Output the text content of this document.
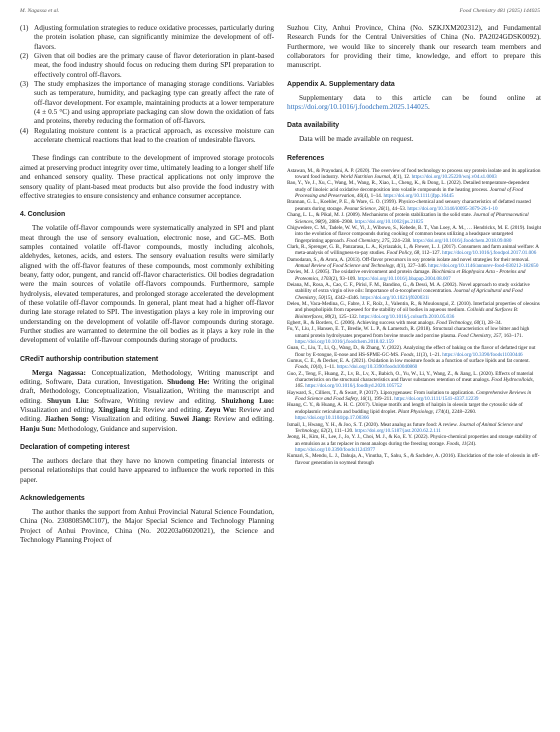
M. Nagassa et al.	Food Chemistry 481 (2025) 144025
(1) Adjusting formulation strategies to reduce oxidative processes, particularly during the protein isolation phase, can significantly minimize the development of off-flavors.
(2) Given that oil bodies are the primary cause of flavor deterioration in plant-based meat, the food industry should focus on reducing them during SPI preparation to effectively control off-flavors.
(3) The study emphasizes the importance of managing storage conditions. Variables such as temperature, humidity, and packaging type can greatly affect the rate of off-flavor development. For example, maintaining products at a lower temperature (4 ± 0.5 °C) and using appropriate packaging can slow down the oxidation of fats and proteins, thereby reducing the formation of off-flavors.
(4) Regulating moisture content is a practical approach, as excessive moisture can accelerate chemical reactions that lead to the creation of undesirable flavors.

These findings can contribute to the development of improved storage protocols aimed at preserving product integrity over time, ultimately leading to a longer shelf life and enhanced sensory quality. These practical applications not only improve the sensory quality of plant-based meat products but also provide the food industry with effective strategies to ensure consistency and enhance consumer acceptance.

4. Conclusion

The volatile off-flavor compounds were systematically analyzed in SPI and plant meat through the use of sensory evaluation, electronic nose, and GC–MS. Both samples contained volatile off-flavor compounds, mostly including alcohols, aldehydes, ketones, acids, and esters. The sensory evaluation results were similarly aligned with the off-flavor features of these compounds, most commonly exhibiting beany, fatty odor, pungent, and rancid off-flavor characteristics. Oil bodies degradation were the main sources of volatile off-flavors compounds. Furthermore, sample hydrolysis, elevated temperatures, and prolonged storage accelerated the development of these volatile off-flavor compounds. In general, plant meat had a higher off-flavor during late storage related to SPI. The investigation plays a key role in improving our understanding on the development of volatile off-flavor compounds during storage. Further studies are warranted to determine the oil bodies as it plays a key role in the development of volatile off-flavour compounds during storage of products.

CRediT authorship contribution statement

Merga Nagassa: Conceptualization, Methodology, Writing manuscript and editing, Software, Data curation, Investigation. Shudong He: Writing the original draft, Methodology, Conceptualization, Visualization, Writing the manuscript and editing. Shuyun Liu: Software, Writing review and editing. Shuizhong Luo: Visualization and editing. Xingjiang Li: Review and editing. Zeyu Wu: Review and editing. Jiazhen Song: Visualization and editing. Suwei Jiang: Review and editing. Hanju Sun: Methodology, Guidance and supervision.

Declaration of competing interest

The authors declare that they have no known competing financial interests or personal relationships that could have appeared to influence the work reported in this paper.

Acknowledgements

The author thanks the support from Anhui Provincial Natural Science Foundation, China (No. 2308085MC107), the Major Special Science and Technology Planning Project of Anhui Province, China (No. 202203a06020021), the Science and Technology Planning Project of

Suzhou City, Anhui Province, China (No. SZKJXM202312), and Fundamental Research Funds for the Central Universities of China (No. PA2024GDSK0092). Furthermore, we would like to sincerely thank our research team members and collaborators for providing their time, knowledge, and effort to prepare this manuscript.

Appendix A. Supplementary data

Supplementary data to this article can be found online at https://doi.org/10.1016/j.foodchem.2025.144025.

Data availability

Data will be made available on request.

References
Astawan, M., & Prayudani, A. P. (2020). The overview of food technology to process soy protein isolate and its application toward food industry. World Nutrition Journal, 4(1), 12. https://doi.org/10.25220/wnj.v04.s1.0003
Bao, Y., Ye, J., Xu, C., Wang, M., Wang, R., Xiao, L., Cheng, K., & Dong, L. (2022). Detailed temperature-dependent study of linoleic acid oxidative decomposition into volatile compounds in the heating process. Journal of Food Processing and Preservation, 46(4), 1–14. https://doi.org/10.1111/jfpp.16445
Brannan, G. L., Koehler, P. E., & Ware, G. O. (1999). Physico-chemical and sensory characteristics of defatted roasted peanuts during storage. Peanut Science, 26(1), 44–53. https://doi.org/10.3146/i0095-3679-26-1-10
Chang, L. L., & Pikal, M. J. (2009). Mechanisms of protein stabilization in the solid state. Journal of Pharmaceutical Sciences, 98(9), 2886–2908. https://doi.org/10.1002/jps.21825
Chigwedere, C. M., Tadele, W. W., Yi, J., Wibowo, S., Kebede, B. T., Van Loey, A. M., … Hendrickx, M. E. (2019). Insight into the evolution of flavor compounds during cooking of common beans utilizing a headspace untargeted fingerprinting approach. Food Chemistry, 275, 224–238. https://doi.org/10.1016/j.foodchem.2018.09.080
Clark, R., Sprenger, G. B., Panzarasa, L. A., Kyriazakis, I., & Frewer, L. J. (2017). Consumers and farm animal welfare: A meta-analysis of willingness-to-pay studies. Food Policy, 68, 112–127. https://doi.org/10.1016/j.foodpol.2017.01.006
Damodaran, S., & Arora, A. (2013). Off-flavor precursors in soy protein isolate and novel strategies for their removal. Annual Review of Food Science and Technology, 4(1), 327–346. https://doi.org/10.1146/annurev-food-030212-182650
Davies, M. J. (2005). The oxidative environment and protein damage. Biochimica et Biophysica Acta - Proteins and Proteomics, 1703(2), 93–109. https://doi.org/10.1016/j.bbapap.2004.08.007
Deiana, M., Rosa, A., Cao, C. F., Pirisi, F. M., Bandino, G., & Dessì, M. A. (2002). Novel approach to study oxidative stability of extra virgin olive oils: Importance of α-tocopherol concentration. Journal of Agricultural and Food Chemistry, 50(15), 4342–4346. https://doi.org/10.1021/jf020031i
Deleu, M., Vaca-Medina, G., Fabre, J. F., Roïz, J., Valentin, R., & Mouloungui, Z. (2010). Interfacial properties of oleosins and phospholipids from rapeseed for the stability of oil bodies in aqueous medium. Colloids and Surfaces B: Biointerfaces, 80(2), 125–132. https://doi.org/10.1016/j.colsurfb.2010.05.036
Egbert, R., & Borders, C. (2006). Achieving success with meat analogs. Food Technology, 60(1), 28–34.
Fu, Y., Liu, J., Hansen, E. T., Bredie, W. L. P., & Lametsch, R. (2018). Structural characteristics of low bitter and high umami protein hydrolysates prepared from bovine muscle and porcine plasma. Food Chemistry, 257, 163–171. https://doi.org/10.1016/j.foodchem.2018.02.159
Guan, C., Liu, T., Li, Q., Wang, D., & Zhang, Y. (2022). Analyzing the effect of baking on the flavor of defatted tiger nut flour by E-tongue, E-nose and HS-SPME-GC-MS. Foods, 11(3), 1–21. https://doi.org/10.3390/foods11030446
Gumus, C. E., & Decker, E. A. (2021). Oxidation in low moisture foods as a function of surface lipids and fat content. Foods, 10(4), 1–11. https://doi.org/10.3390/foods10040860
Guo, Z., Teng, F., Huang, Z., Lv, B., Lv, X., Babich, O., Yu, W., Li, Y., Wang, Z., & Jiang, L. (2020). Effects of material characteristics on the structural characteristics and flavor substances retention of meat analogs. Food Hydrocolloids, 105. https://doi.org/10.1016/j.foodhyd.2020.105752
Hayward, S., Cilliers, T., & Swart, P. (2017). Lipoxygenases: From isolation to application. Comprehensive Reviews in Food Science and Food Safety, 16(1), 199–211. https://doi.org/10.1111/1541-4337.12239
Huang, C. Y., & Huang, A. H. C. (2017). Unique motifs and length of hairpin in oleosin target the cytosolic side of endoplasmic reticulum and budding lipid droplet. Plant Physiology, 174(4), 2248–2260. https://doi.org/10.1104/pp.17.00366
Ismail, I., Hwang, Y. H., & Joo, S. T. (2020). Meat analog as future food: A review. Journal of Animal Science and Technology, 62(2), 111–120. https://doi.org/10.5187/jast.2020.62.2.111
Jeong, H., Kim, H., Lee, J., Jo, Y. J., Choi, M. J., & Ko, E. Y. (2022). Physico-chemical properties and storage stability of an emulsion as a fat replacer in meat analogs during the freezing storage. Foods, 11(24). https://doi.org/10.3390/foods11243977
Kumari, S., Mendu, L. J., Dahuja, A., Vinutha, T., Sahu, S., & Sachdev, A. (2016). Elucidation of the role of oleosin in off-flavour generation in soymeal through
